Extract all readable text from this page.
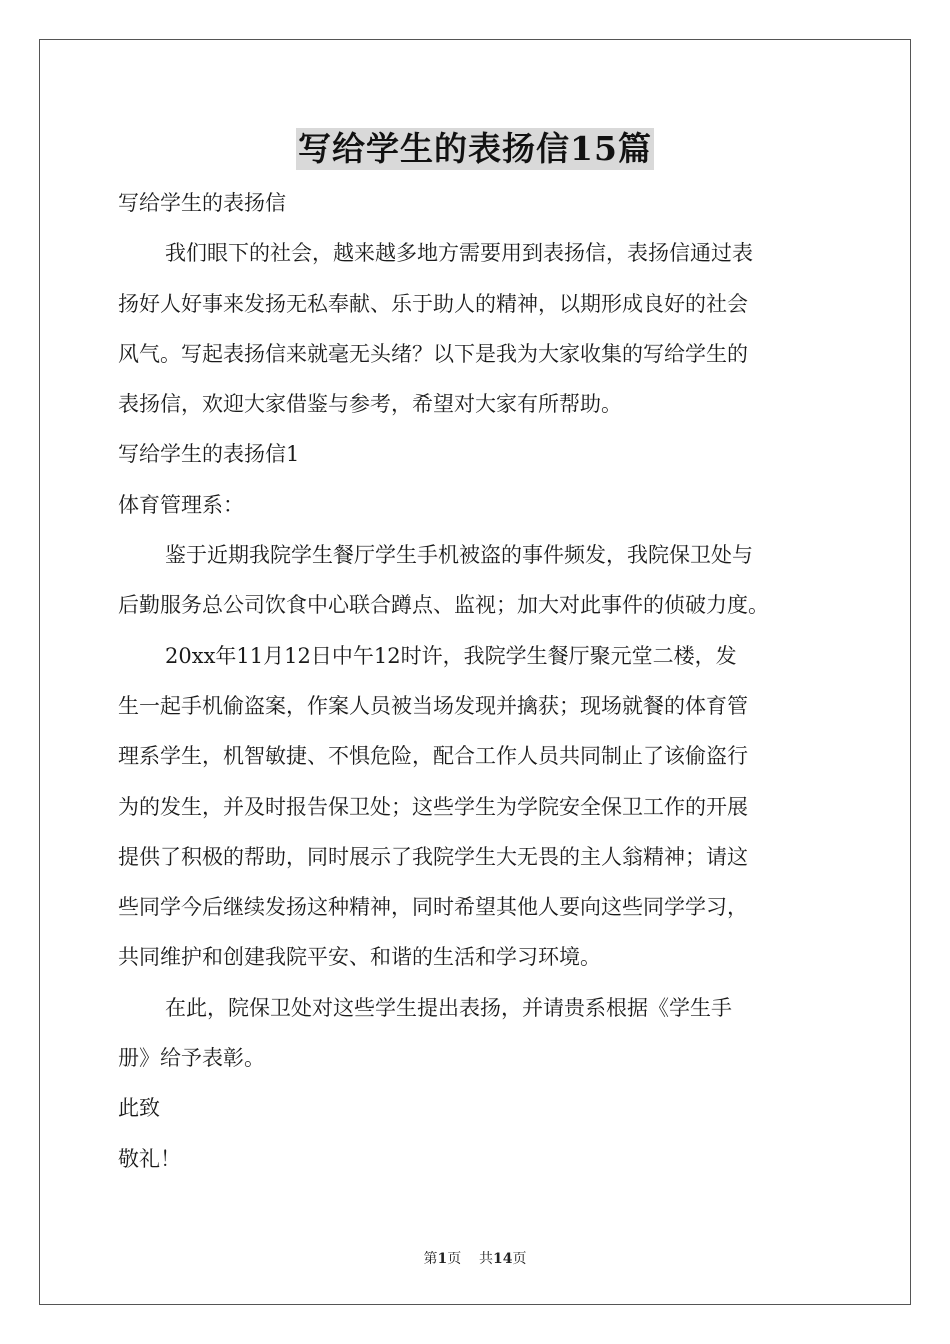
写给学生的表扬信15篇
写给学生的表扬信
我们眼下的社会，越来越多地方需要用到表扬信，表扬信通过表
扬好人好事来发扬无私奉献、乐于助人的精神，以期形成良好的社会
风气。写起表扬信来就毫无头绪？以下是我为大家收集的写给学生的
表扬信，欢迎大家借鉴与参考，希望对大家有所帮助。
写给学生的表扬信1
体育管理系：
鉴于近期我院学生餐厅学生手机被盗的事件频发，我院保卫处与
后勤服务总公司饮食中心联合蹲点、监视；加大对此事件的侦破力度。
20xx年11月12日中午12时许，我院学生餐厅聚元堂二楼，发
生一起手机偷盗案，作案人员被当场发现并擒获；现场就餐的体育管
理系学生，机智敏捷、不惧危险，配合工作人员共同制止了该偷盗行
为的发生，并及时报告保卫处；这些学生为学院安全保卫工作的开展
提供了积极的帮助，同时展示了我院学生大无畏的主人翁精神；请这
些同学今后继续发扬这种精神，同时希望其他人要向这些同学学习，
共同维护和创建我院平安、和谐的生活和学习环境。
在此，院保卫处对这些学生提出表扬，并请贵系根据《学生手
册》给予表彰。
此致
敬礼！
第1页 共14页
